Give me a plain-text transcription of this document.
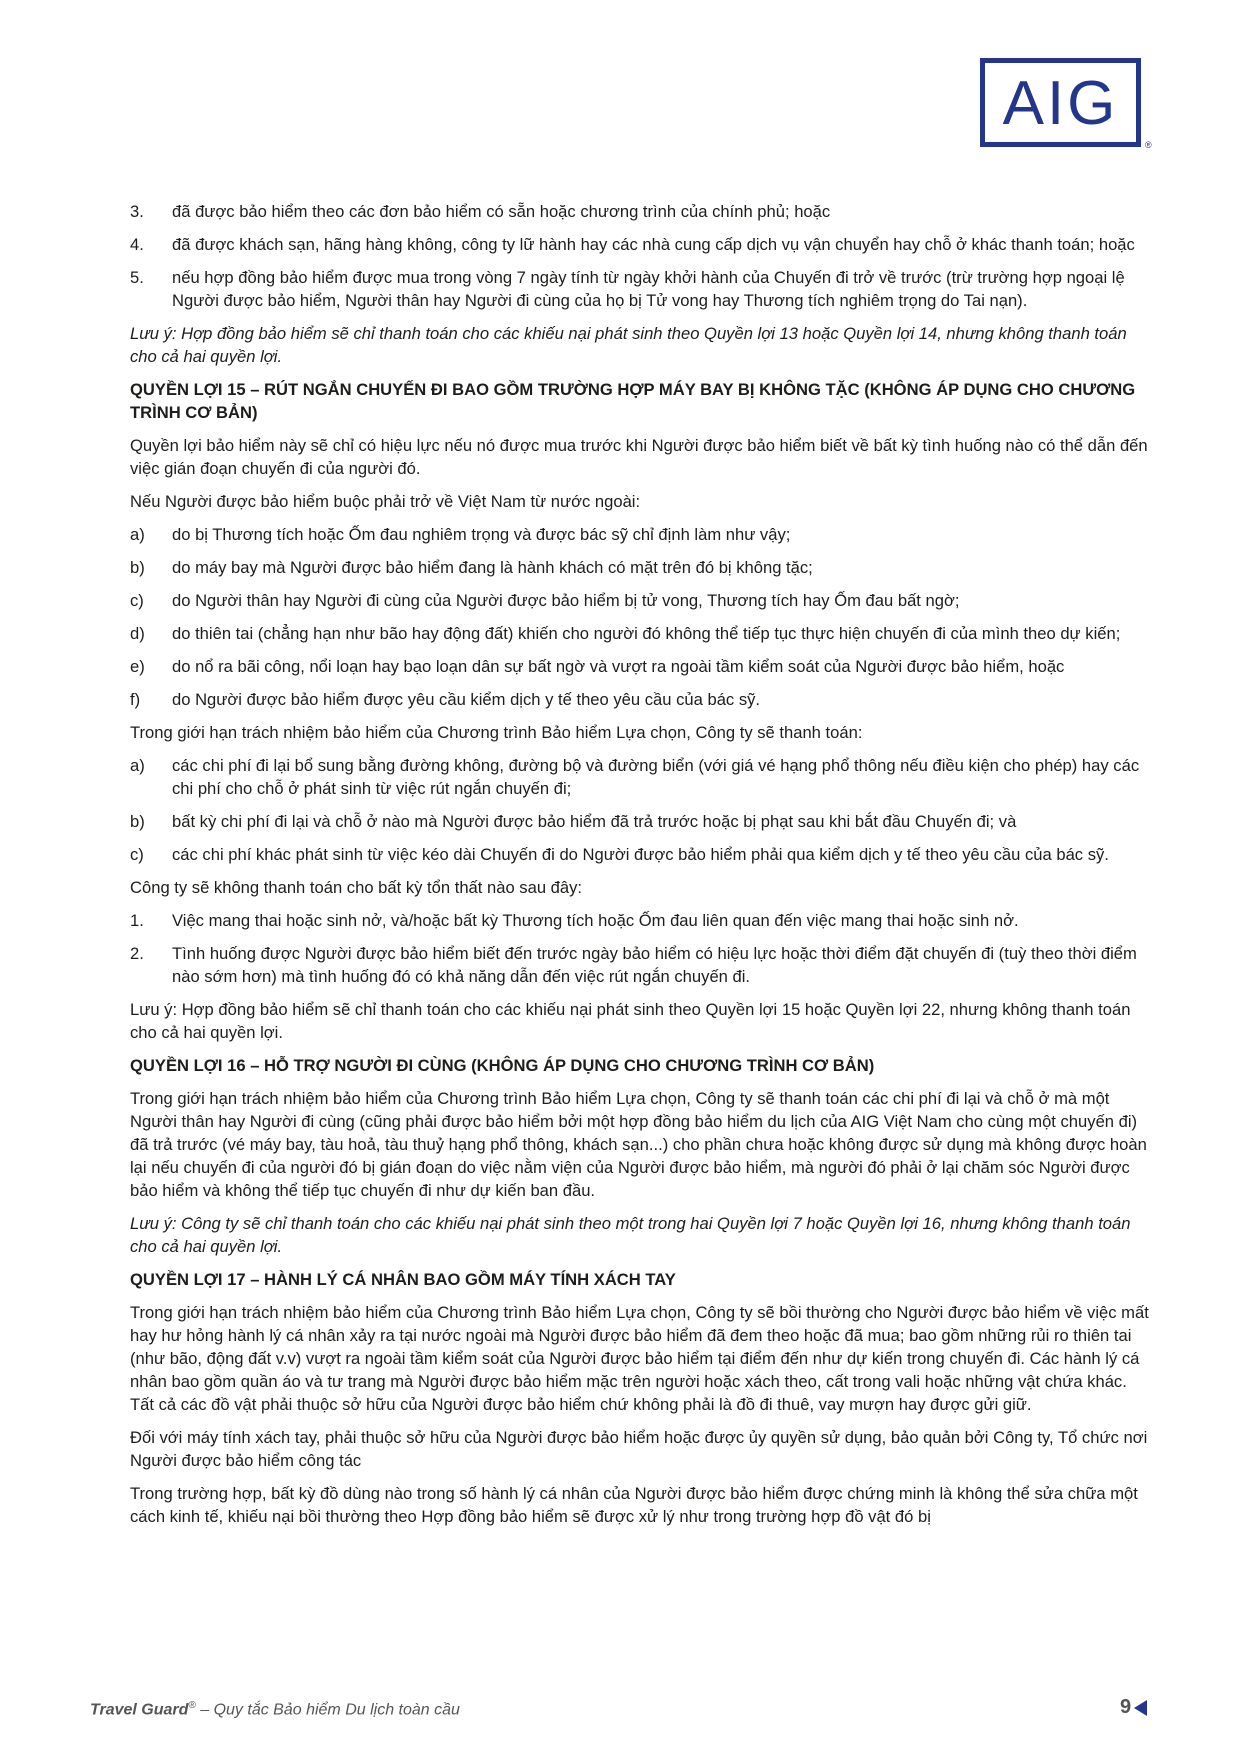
AIG
®
3.	đã được bảo hiểm theo các đơn bảo hiểm có sẵn hoặc chương trình của chính phủ; hoặc
4.	đã được khách sạn, hãng hàng không, công ty lữ hành hay các nhà cung cấp dịch vụ vận chuyển hay chỗ ở khác thanh toán; hoặc
5.	nếu hợp đồng bảo hiểm được mua trong vòng 7 ngày tính từ ngày khởi hành của Chuyến đi trở về trước (trừ trường hợp ngoại lệ Người được bảo hiểm, Người thân hay Người đi cùng của họ bị Tử vong hay Thương tích nghiêm trọng do Tai nạn).

Lưu ý: Hợp đồng bảo hiểm sẽ chỉ thanh toán cho các khiếu nại phát sinh theo Quyền lợi 13 hoặc Quyền lợi 14, nhưng không thanh toán cho cả hai quyền lợi.

QUYỀN LỢI 15 – RÚT NGẮN CHUYẾN ĐI BAO GỒM TRƯỜNG HỢP MÁY BAY BỊ KHÔNG TẶC (KHÔNG ÁP DỤNG CHO CHƯƠNG TRÌNH CƠ BẢN)

Quyền lợi bảo hiểm này sẽ chỉ có hiệu lực nếu nó được mua trước khi Người được bảo hiểm biết về bất kỳ tình huống nào có thể dẫn đến việc gián đoạn chuyến đi của người đó.

Nếu Người được bảo hiểm buộc phải trở về Việt Nam từ nước ngoài:

a)	do bị Thương tích hoặc Ốm đau nghiêm trọng và được bác sỹ chỉ định làm như vậy;
b)	do máy bay mà Người được bảo hiểm đang là hành khách có mặt trên đó bị không tặc;
c)	do Người thân hay Người đi cùng của Người được bảo hiểm bị tử vong, Thương tích hay Ốm đau bất ngờ;
d)	do thiên tai (chẳng hạn như bão hay động đất) khiến cho người đó không thể tiếp tục thực hiện chuyến đi của mình theo dự kiến;
e)	do nổ ra bãi công, nổi loạn hay bạo loạn dân sự bất ngờ và vượt ra ngoài tầm kiểm soát của Người được bảo hiểm, hoặc
f)	do Người được bảo hiểm được yêu cầu kiểm dịch y tế theo yêu cầu của bác sỹ.

Trong giới hạn trách nhiệm bảo hiểm của Chương trình Bảo hiểm Lựa chọn, Công ty sẽ thanh toán:

a)	các chi phí đi lại bổ sung bằng đường không, đường bộ và đường biển (với giá vé hạng phổ thông nếu điều kiện cho phép) hay các chi phí cho chỗ ở phát sinh từ việc rút ngắn chuyến đi;
b)	bất kỳ chi phí đi lại và chỗ ở nào mà Người được bảo hiểm đã trả trước hoặc bị phạt sau khi bắt đầu Chuyến đi; và
c)	các chi phí khác phát sinh từ việc kéo dài Chuyến đi do Người được bảo hiểm phải qua kiểm dịch y tế theo yêu cầu của bác sỹ.

Công ty sẽ không thanh toán cho bất kỳ tổn thất nào sau đây:

1.	Việc mang thai hoặc sinh nở, và/hoặc bất kỳ Thương tích hoặc Ốm đau liên quan đến việc mang thai hoặc sinh nở.
2.	Tình huống được Người được bảo hiểm biết đến trước ngày bảo hiểm có hiệu lực hoặc thời điểm đặt chuyến đi (tuỳ theo thời điểm nào sớm hơn) mà tình huống đó có khả năng dẫn đến việc rút ngắn chuyến đi.

Lưu ý: Hợp đồng bảo hiểm sẽ chỉ thanh toán cho các khiếu nại phát sinh theo Quyền lợi 15 hoặc Quyền lợi 22, nhưng không thanh toán cho cả hai quyền lợi.

QUYỀN LỢI 16 – HỖ TRỢ NGƯỜI ĐI CÙNG (KHÔNG ÁP DỤNG CHO CHƯƠNG TRÌNH CƠ BẢN)

Trong giới hạn trách nhiệm bảo hiểm của Chương trình Bảo hiểm Lựa chọn, Công ty sẽ thanh toán các chi phí đi lại và chỗ ở mà một Người thân hay Người đi cùng (cũng phải được bảo hiểm bởi một hợp đồng bảo hiểm du lịch của AIG Việt Nam cho cùng một chuyến đi) đã trả trước (vé máy bay, tàu hoả, tàu thuỷ hạng phổ thông, khách sạn...) cho phần chưa hoặc không được sử dụng mà không được hoàn lại nếu chuyến đi của người đó bị gián đoạn do việc nằm viện của Người được bảo hiểm, mà người đó phải ở lại chăm sóc Người được bảo hiểm và không thể tiếp tục chuyến đi như dự kiến ban đầu.

Lưu ý: Công ty sẽ chỉ thanh toán cho các khiếu nại phát sinh theo một trong hai Quyền lợi 7 hoặc Quyền lợi 16, nhưng không thanh toán cho cả hai quyền lợi.

QUYỀN LỢI 17 – HÀNH LÝ CÁ NHÂN BAO GỒM MÁY TÍNH XÁCH TAY

Trong giới hạn trách nhiệm bảo hiểm của Chương trình Bảo hiểm Lựa chọn, Công ty sẽ bồi thường cho Người được bảo hiểm về việc mất hay hư hỏng hành lý cá nhân xảy ra tại nước ngoài mà Người được bảo hiểm đã đem theo hoặc đã mua; bao gồm những rủi ro thiên tai (như bão, động đất v.v) vượt ra ngoài tầm kiểm soát của Người được bảo hiểm tại điểm đến như dự kiến trong chuyến đi. Các hành lý cá nhân bao gồm quần áo và tư trang mà Người được bảo hiểm mặc trên người hoặc xách theo, cất trong vali hoặc những vật chứa khác. Tất cả các đồ vật phải thuộc sở hữu của Người được bảo hiểm chứ không phải là đồ đi thuê, vay mượn hay được gửi giữ.

Đối với máy tính xách tay, phải thuộc sở hữu của Người được bảo hiểm hoặc được ủy quyền sử dụng, bảo quản bởi Công ty, Tổ chức nơi Người được bảo hiểm công tác

Trong trường hợp, bất kỳ đồ dùng nào trong số hành lý cá nhân của Người được bảo hiểm được chứng minh là không thể sửa chữa một cách kinh tế, khiếu nại bồi thường theo Hợp đồng bảo hiểm sẽ được xử lý như trong trường hợp đồ vật đó bị

Travel Guard® – Quy tắc Bảo hiểm Du lịch toàn cầu	9
